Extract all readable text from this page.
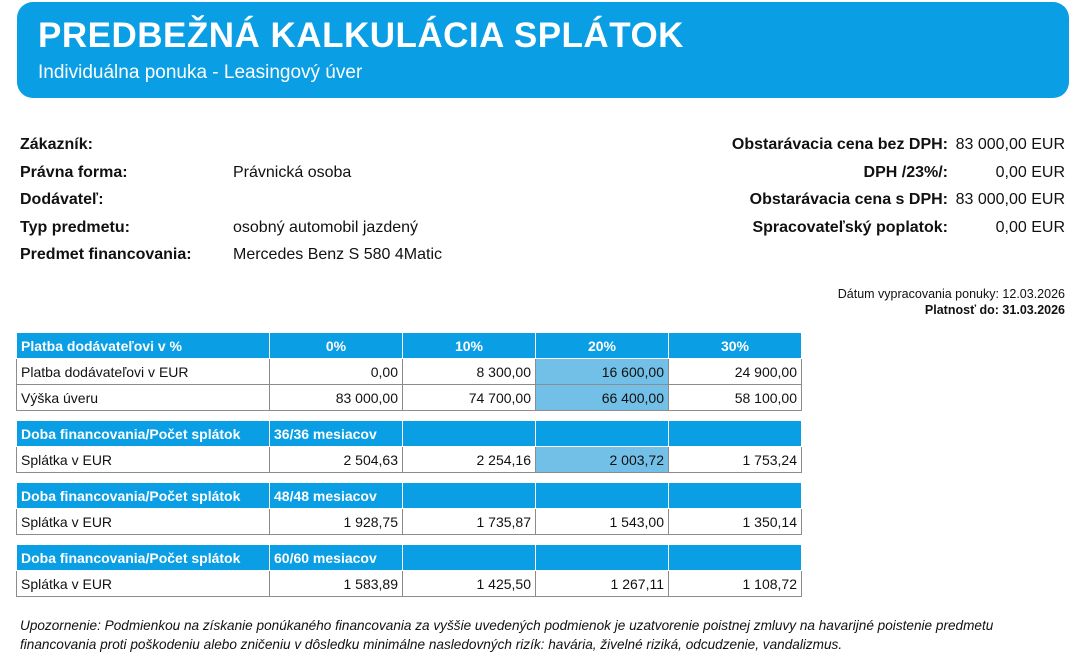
PREDBEŽNÁ KALKULÁCIA SPLÁTOK
Individuálna ponuka - Leasingový úver
Zákazník:
Právna forma:	Právnická osoba
Dodávateľ:
Typ predmetu:	osobný automobil jazdený
Predmet financovania:	Mercedes Benz S 580 4Matic
Obstarávacia cena bez DPH: 83 000,00 EUR
DPH /23%/:	0,00 EUR
Obstarávacia cena s DPH: 83 000,00 EUR
Spracovateľský poplatok:	0,00 EUR
Dátum vypracovania ponuky: 12.03.2026
Platnosť do: 31.03.2026
Platba dodávateľovi v %	0%	10%	20%	30%
Platba dodávateľovi v EUR	0,00	8 300,00	16 600,00	24 900,00
Výška úveru	83 000,00	74 700,00	66 400,00	58 100,00

Doba financovania/Počet splátok	36/36 mesiacov			
Splátka v EUR	2 504,63	2 254,16	2 003,72	1 753,24

Doba financovania/Počet splátok	48/48 mesiacov			
Splátka v EUR	1 928,75	1 735,87	1 543,00	1 350,14

Doba financovania/Počet splátok	60/60 mesiacov			
Splátka v EUR	1 583,89	1 425,50	1 267,11	1 108,72
Upozornenie: Podmienkou na získanie ponúkaného financovania za vyššie uvedených podmienok je uzatvorenie poistnej zmluvy na havarijné poistenie predmetu financovania proti poškodeniu alebo zničeniu v dôsledku minimálne nasledovných rizík: havária, živelné riziká, odcudzenie, vandalizmus.
